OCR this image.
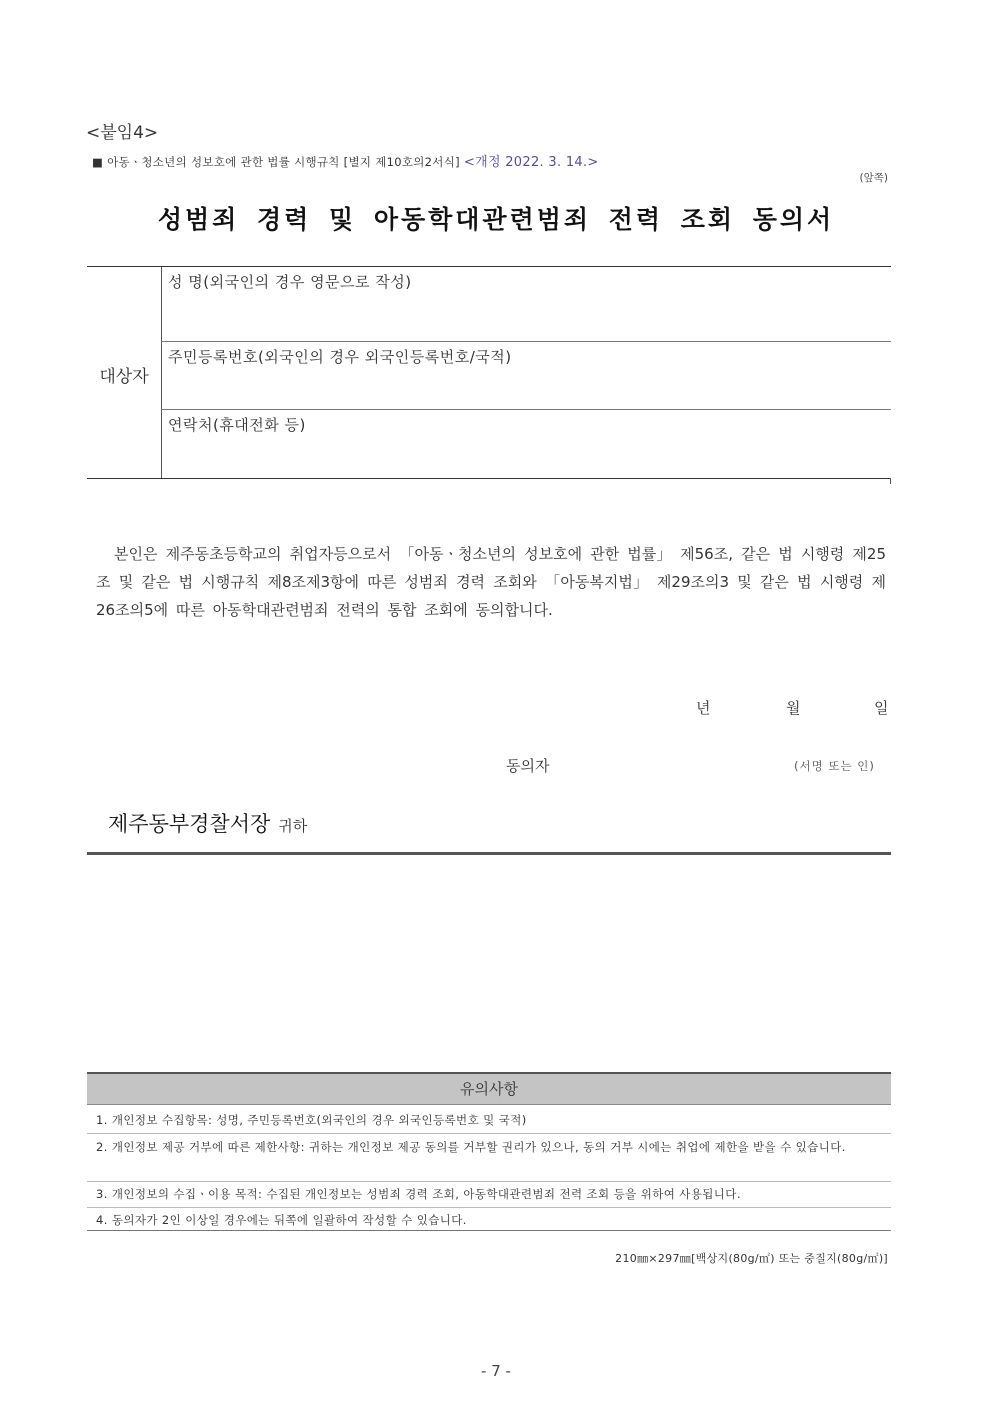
<붙임4>
■ 아동ㆍ청소년의 성보호에 관한 법률 시행규칙 [별지 제10호의2서식] <개정 2022. 3. 14.>
(앞쪽)
성범죄 경력 및 아동학대관련범죄 전력 조회 동의서
대상자
성 명(외국인의 경우 영문으로 작성)
주민등록번호(외국인의 경우 외국인등록번호/국적)
연락처(휴대전화 등)
본인은 제주동초등학교의 취업자등으로서 「아동ㆍ청소년의 성보호에 관한 법률」 제56조, 같은 법 시행령 제25조 및 같은 법 시행규칙 제8조제3항에 따른 성범죄 경력 조회와 「아동복지법」 제29조의3 및 같은 법 시행령 제26조의5에 따른 아동학대관련범죄 전력의 통합 조회에 동의합니다.
년	월	일
동의자	(서명 또는 인)
제주동부경찰서장 귀하
유의사항
1. 개인정보 수집항목: 성명, 주민등록번호(외국인의 경우 외국인등록번호 및 국적)
2. 개인정보 제공 거부에 따른 제한사항: 귀하는 개인정보 제공 동의를 거부할 권리가 있으나, 동의 거부 시에는 취업에 제한을 받을 수 있습니다.
3. 개인정보의 수집ㆍ이용 목적: 수집된 개인정보는 성범죄 경력 조회, 아동학대관련범죄 전력 조회 등을 위하여 사용됩니다.
4. 동의자가 2인 이상일 경우에는 뒤쪽에 일괄하여 작성할 수 있습니다.
210㎜×297㎜[백상지(80g/㎡) 또는 중질지(80g/㎡)]
- 7 -
